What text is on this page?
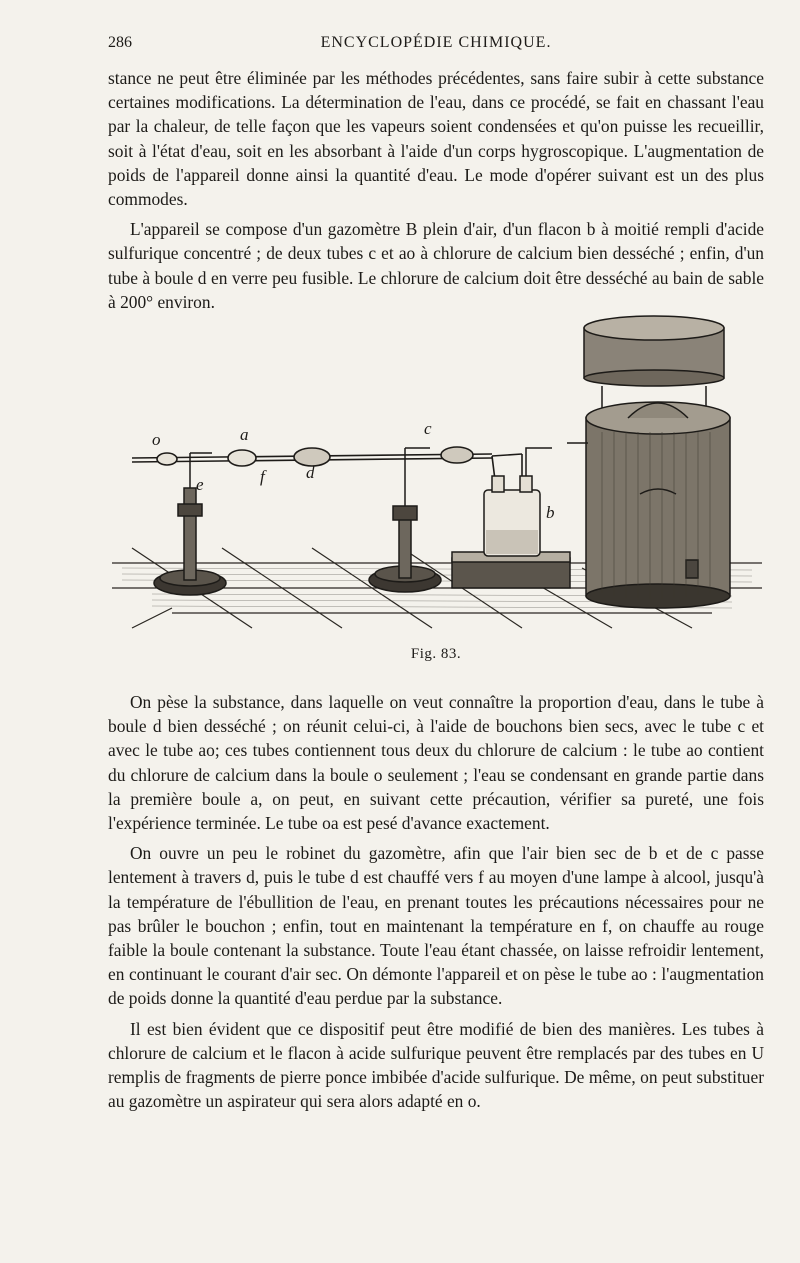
286	ENCYCLOPÉDIE CHIMIQUE.

stance ne peut être éliminée par les méthodes précédentes, sans faire subir à cette substance certaines modifications. La détermination de l'eau, dans ce procédé, se fait en chassant l'eau par la chaleur, de telle façon que les vapeurs soient condensées et qu'on puisse les recueillir, soit à l'état d'eau, soit en les absorbant à l'aide d'un corps hygroscopique. L'augmentation de poids de l'appareil donne ainsi la quantité d'eau. Le mode d'opérer suivant est un des plus commodes.

L'appareil se compose d'un gazomètre B plein d'air, d'un flacon b à moitié rempli d'acide sulfurique concentré ; de deux tubes c et ao à chlorure de calcium bien desséché ; enfin, d'un tube à boule d en verre peu fusible. Le chlorure de calcium doit être desséché au bain de sable à 200° environ.

o	a	c
e	f d
b
Fig. 83.

On pèse la substance, dans laquelle on veut connaître la proportion d'eau, dans le tube à boule d bien desséché ; on réunit celui-ci, à l'aide de bouchons bien secs, avec le tube c et avec le tube ao; ces tubes contiennent tous deux du chlorure de calcium : le tube ao contient du chlorure de calcium dans la boule o seulement ; l'eau se condensant en grande partie dans la première boule a, on peut, en suivant cette précaution, vérifier sa pureté, une fois l'expérience terminée. Le tube oa est pesé d'avance exactement.

On ouvre un peu le robinet du gazomètre, afin que l'air bien sec de b et de c passe lentement à travers d, puis le tube d est chauffé vers f au moyen d'une lampe à alcool, jusqu'à la température de l'ébullition de l'eau, en prenant toutes les précautions nécessaires pour ne pas brûler le bouchon ; enfin, tout en maintenant la température en f, on chauffe au rouge faible la boule contenant la substance. Toute l'eau étant chassée, on laisse refroidir lentement, en continuant le courant d'air sec. On démonte l'appareil et on pèse le tube ao : l'augmentation de poids donne la quantité d'eau perdue par la substance.

Il est bien évident que ce dispositif peut être modifié de bien des manières. Les tubes à chlorure de calcium et le flacon à acide sulfurique peuvent être remplacés par des tubes en U remplis de fragments de pierre ponce imbibée d'acide sulfurique. De même, on peut substituer au gazomètre un aspirateur qui sera alors adapté en o.
